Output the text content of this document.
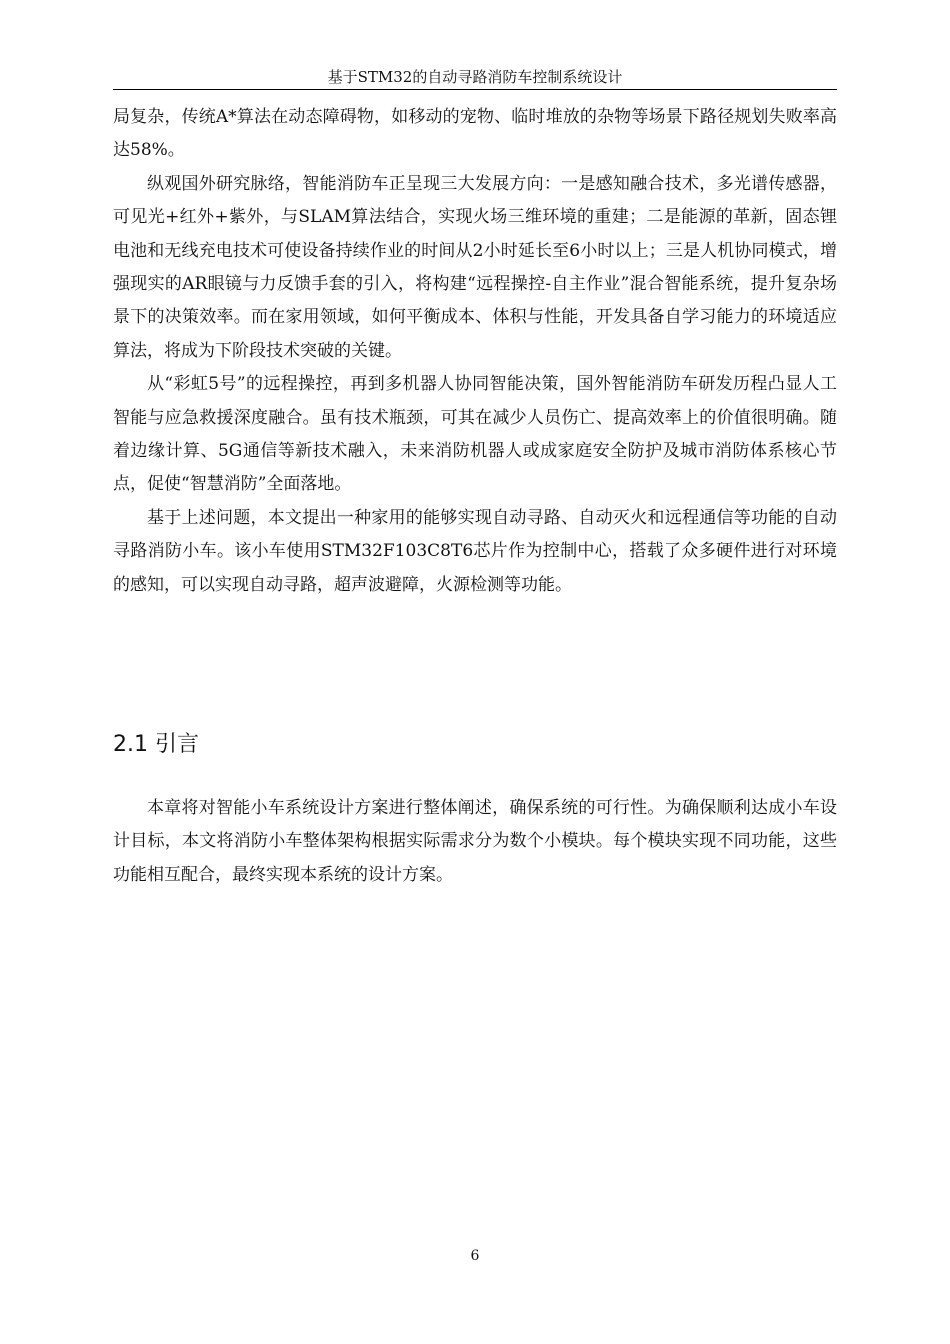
基于STM32的自动寻路消防车控制系统设计

局复杂，传统A*算法在动态障碍物，如移动的宠物、临时堆放的杂物等场景下路径规划失败率高达58%。

纵观国外研究脉络，智能消防车正呈现三大发展方向：一是感知融合技术，多光谱传感器，可见光+红外+紫外，与SLAM算法结合，实现火场三维环境的重建；二是能源的革新，固态锂电池和无线充电技术可使设备持续作业的时间从2小时延长至6小时以上；三是人机协同模式，增强现实的AR眼镜与力反馈手套的引入，将构建“远程操控-自主作业”混合智能系统，提升复杂场景下的决策效率。而在家用领域，如何平衡成本、体积与性能，开发具备自学习能力的环境适应算法，将成为下阶段技术突破的关键。

从“彩虹5号”的远程操控，再到多机器人协同智能决策，国外智能消防车研发历程凸显人工智能与应急救援深度融合。虽有技术瓶颈，可其在减少人员伤亡、提高效率上的价值很明确。随着边缘计算、5G通信等新技术融入，未来消防机器人或成家庭安全防护及城市消防体系核心节点，促使“智慧消防”全面落地。

基于上述问题，本文提出一种家用的能够实现自动寻路、自动灭火和远程通信等功能的自动寻路消防小车。该小车使用STM32F103C8T6芯片作为控制中心，搭载了众多硬件进行对环境的感知，可以实现自动寻路，超声波避障，火源检测等功能。

2.1 引言

本章将对智能小车系统设计方案进行整体阐述，确保系统的可行性。为确保顺利达成小车设计目标，本文将消防小车整体架构根据实际需求分为数个小模块。每个模块实现不同功能，这些功能相互配合，最终实现本系统的设计方案。

6
